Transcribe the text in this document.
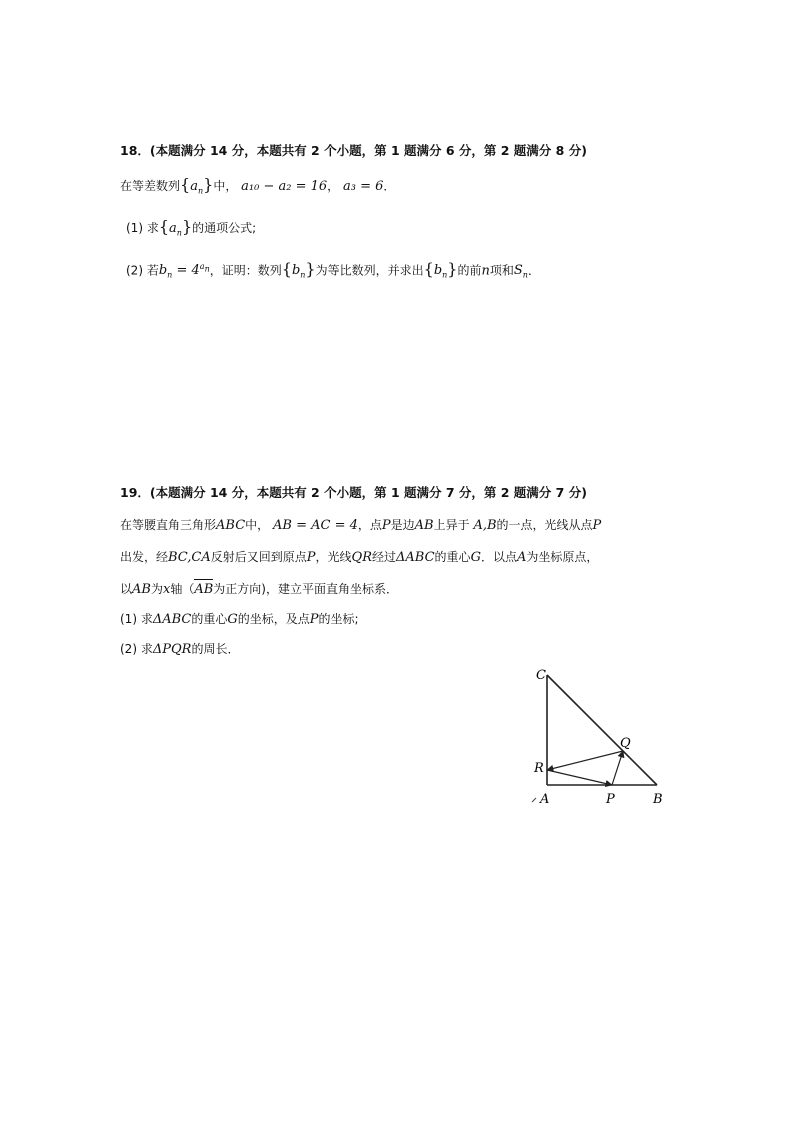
18．(本题满分 14 分，本题共有 2 个小题，第 1 题满分 6 分，第 2 题满分 8 分)
在等差数列$\{a_n\}$中， a₁₀ − a₂ = 16， a₃ = 6．
(1) 求$\{a_n\}$的通项公式;
(2) 若$b_n = 4^{a_n}$，证明：数列$\{b_n\}$为等比数列，并求出$\{b_n\}$的前n项和$S_n$．
19．(本题满分 14 分，本题共有 2 个小题，第 1 题满分 7 分，第 2 题满分 7 分)
在等腰直角三角形ABC中， AB = AC = 4，点P是边AB上异于 A,B的一点，光线从点P
出发，经BC,CA反射后又回到原点P，光线QR经过ΔABC的重心G．以点A为坐标原点，
以AB为x轴（AB为正方向)，建立平面直角坐标系．
(1) 求ΔABC的重心G的坐标，及点P的坐标;
(2) 求ΔPQR的周长．
C
Q
R
A	P	B
